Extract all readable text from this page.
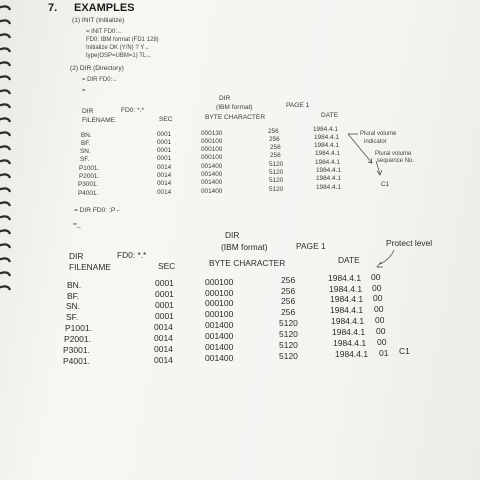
7. EXAMPLES
(1) INIT (Initialize)
= INIT FD0:←
FD0: IBM format (FD1 128)
Initialize OK (Y/N) ? Y←
type(OSP=UBM=1) TL←
(2) DIR (Directory)
= DIR FD0:←
=
DIR
(IBM format)	PAGE 1
DIR	FD0: *.*
FILENAME	SEC	BYTE CHARACTER	DATE
BN.	0001	000130	256	1984.4.1
BF.	0001	000100	256	1984.4.1
SN.	0001	000100	256	1984.4.1
SF.	0001	000100	256	1984.4.1
P1001.	0014	001400	5120	1984.4.1
P2001.	0014	001400	5120	1984.4.1
P3001.	0014	001400	5120	1984.4.1
P4001.	0014	001400	5120	1984.4.1
Plural volume
indicator
Plural volume
sequence No.
C1
= DIR FD0: ;P←
=_
DIR
(IBM format)	PAGE 1	Protect level
DIR	FD0: *.*
FILENAME	SEC	BYTE CHARACTER	DATE
BN.	0001	000100	256	1984.4.1 00
BF.	0001	000100	256	1984.4.1 00
SN.	0001	000100	256	1984.4.1 00
SF.	0001	000100	256	1984.4.1 00
P1001.	0014	001400	5120	1984.4.1 00
P2001.	0014	001400	5120	1984.4.1 00
P3001.	0014	001400	5120	1984.4.1 00
P4001.	0014	001400	5120	1984.4.1 01 C1
